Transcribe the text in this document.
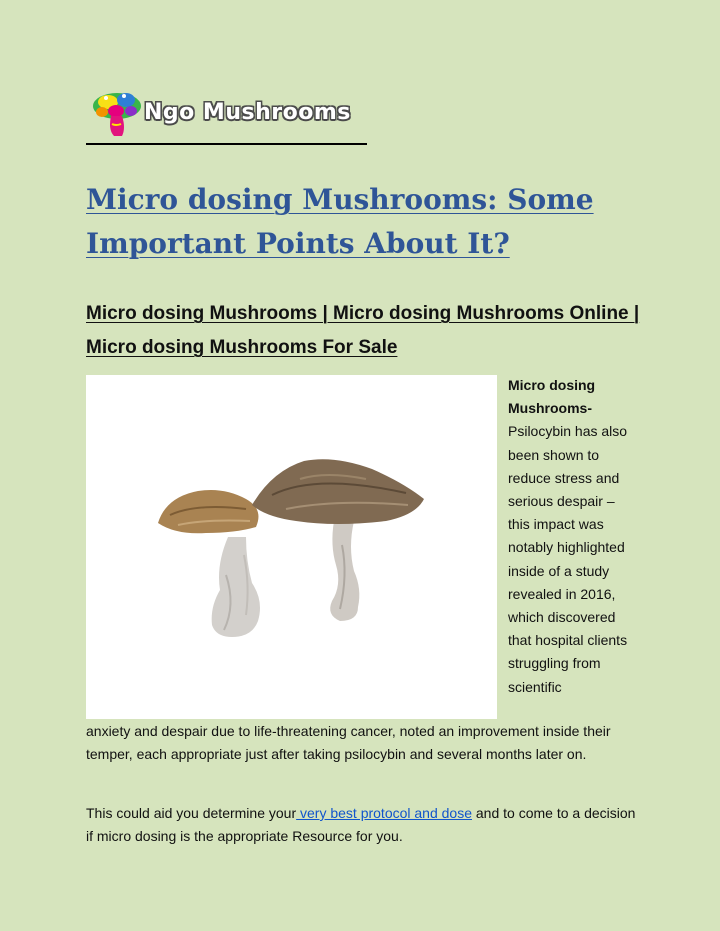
Ngo Mushrooms
Micro dosing Mushrooms: Some Important Points About It?
Micro dosing Mushrooms | Micro dosing Mushrooms Online | Micro dosing Mushrooms For Sale

Micro dosing Mushrooms- Psilocybin has also been shown to reduce stress and serious despair – this impact was notably highlighted inside of a study revealed in 2016, which discovered that hospital clients struggling from scientific

anxiety and despair due to life-threatening cancer, noted an improvement inside their temper, each appropriate just after taking psilocybin and several months later on.

This could aid you determine your very best protocol and dose and to come to a decision if micro dosing is the appropriate Resource for you.
